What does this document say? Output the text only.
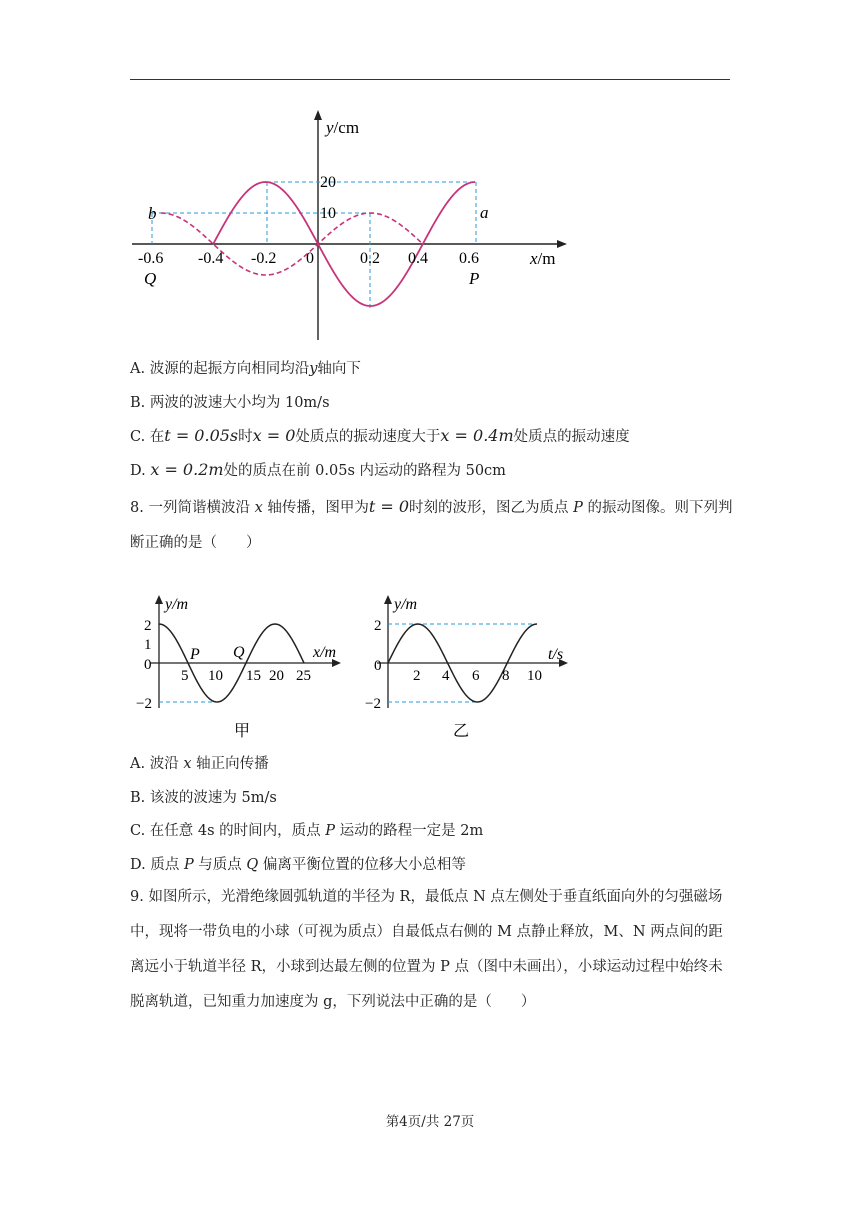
y/cm
x/m
20
10
-0.6 -0.4 -0.2 0	0.2 0.4 0.6
Q	P
a
b
A. 波源的起振方向相同均沿y轴向下
B. 两波的波速大小均为 10m/s
C. 在t = 0.05s时x = 0处质点的振动速度大于x = 0.4m处质点的振动速度
D. x = 0.2m处的质点在前 0.05s 内运动的路程为 50cm
8. 一列简谐横波沿 x 轴传播，图甲为t = 0时刻的波形，图乙为质点 P 的振动图像。则下列判断正确的是（　　）
y/m
x/m
2
1
0
−2
5 10 15 20 25
P Q
甲
y/m
t/s
2
0
−2
2 4 6 8 10
乙
A. 波沿 x 轴正向传播
B. 该波的波速为 5m/s
C. 在任意 4s 的时间内，质点 P 运动的路程一定是 2m
D. 质点 P 与质点 Q 偏离平衡位置的位移大小总相等
9. 如图所示，光滑绝缘圆弧轨道的半径为 R，最低点 N 点左侧处于垂直纸面向外的匀强磁场中，现将一带负电的小球（可视为质点）自最低点右侧的 M 点静止释放，M、N 两点间的距离远小于轨道半径 R，小球到达最左侧的位置为 P 点（图中未画出），小球运动过程中始终未脱离轨道，已知重力加速度为 g，下列说法中正确的是（　　）
第4页/共 27页
